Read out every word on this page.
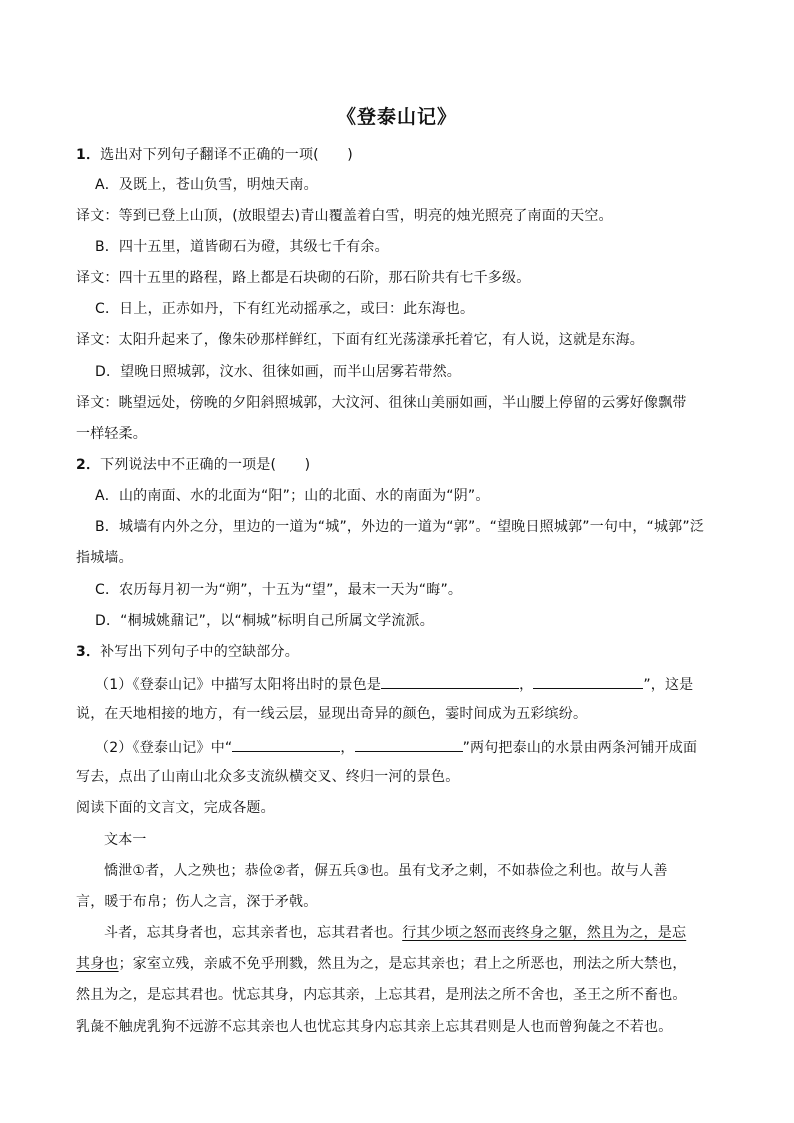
《登泰山记》
1．选出对下列句子翻译不正确的一项(　　)
A．及既上，苍山负雪，明烛天南。
译文：等到已登上山顶，(放眼望去)青山覆盖着白雪，明亮的烛光照亮了南面的天空。
B．四十五里，道皆砌石为磴，其级七千有余。
译文：四十五里的路程，路上都是石块砌的石阶，那石阶共有七千多级。
C．日上，正赤如丹，下有红光动摇承之，或曰：此东海也。
译文：太阳升起来了，像朱砂那样鲜红，下面有红光荡漾承托着它，有人说，这就是东海。
D．望晚日照城郭，汶水、徂徕如画，而半山居雾若带然。
译文：眺望远处，傍晚的夕阳斜照城郭，大汶河、徂徕山美丽如画，半山腰上停留的云雾好像飘带
一样轻柔。
2．下列说法中不正确的一项是(　　)
A．山的南面、水的北面为“阳”；山的北面、水的南面为“阴”。
B．城墙有内外之分，里边的一道为“城”，外边的一道为“郭”。“望晚日照城郭”一句中，“城郭”泛
指城墙。
C．农历每月初一为“朔”，十五为“望”，最末一天为“晦”。
D．“桐城姚鼐记”，以“桐城”标明自己所属文学流派。
3．补写出下列句子中的空缺部分。
（1）《登泰山记》中描写太阳将出时的景色是	，	”，这是
说，在天地相接的地方，有一线云层，显现出奇异的颜色，霎时间成为五彩缤纷。
（2）《登泰山记》中“	，	”两句把泰山的水景由两条河铺开成面
写去，点出了山南山北众多支流纵横交叉、终归一河的景色。
阅读下面的文言文，完成各题。
文本一
憍泄①者，人之殃也；恭俭②者，偋五兵③也。虽有戈矛之刺，不如恭俭之利也。故与人善
言，暖于布帛；伤人之言，深于矛戟。
斗者，忘其身者也，忘其亲者也，忘其君者也。行其少顷之怒而丧终身之躯，然且为之，是忘
其身也；家室立残，亲戚不免乎刑戮，然且为之，是忘其亲也；君上之所恶也，刑法之所大禁也，
然且为之，是忘其君也。忧忘其身，内忘其亲，上忘其君，是刑法之所不舍也，圣王之所不畜也。
乳彘不触虎乳狗不远游不忘其亲也人也忧忘其身内忘其亲上忘其君则是人也而曾狗彘之不若也。
